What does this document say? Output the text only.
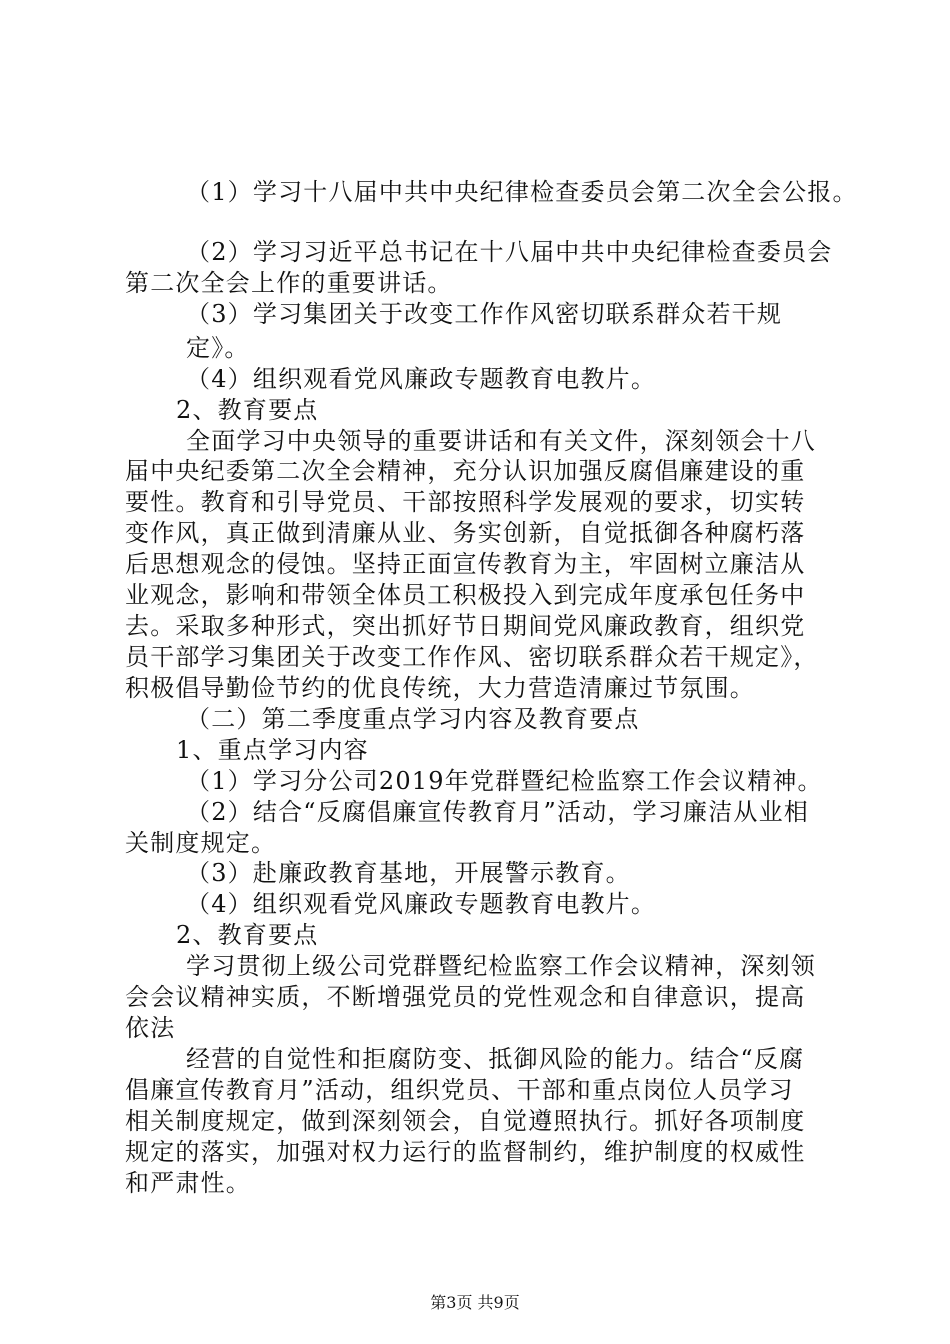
（1）学习十八届中共中央纪律检查委员会第二次全会公报。
（2）学习习近平总书记在十八届中共中央纪律检查委员会
第二次全会上作的重要讲话。
（3）学习集团关于改变工作作风密切联系群众若干规
定》。
（4）组织观看党风廉政专题教育电教片。
2、教育要点
全面学习中央领导的重要讲话和有关文件，深刻领会十八
届中央纪委第二次全会精神，充分认识加强反腐倡廉建设的重
要性。教育和引导党员、干部按照科学发展观的要求，切实转
变作风，真正做到清廉从业、务实创新，自觉抵御各种腐朽落
后思想观念的侵蚀。坚持正面宣传教育为主，牢固树立廉洁从
业观念，影响和带领全体员工积极投入到完成年度承包任务中
去。采取多种形式，突出抓好节日期间党风廉政教育，组织党
员干部学习集团关于改变工作作风、密切联系群众若干规定》，
积极倡导勤俭节约的优良传统，大力营造清廉过节氛围。
（二）第二季度重点学习内容及教育要点
1、重点学习内容
（1）学习分公司2019年党群暨纪检监察工作会议精神。
（2）结合“反腐倡廉宣传教育月”活动，学习廉洁从业相
关制度规定。
（3）赴廉政教育基地，开展警示教育。
（4）组织观看党风廉政专题教育电教片。
2、教育要点
学习贯彻上级公司党群暨纪检监察工作会议精神，深刻领
会会议精神实质，不断增强党员的党性观念和自律意识，提高
依法
经营的自觉性和拒腐防变、抵御风险的能力。结合“反腐
倡廉宣传教育月”活动，组织党员、干部和重点岗位人员学习
相关制度规定，做到深刻领会，自觉遵照执行。抓好各项制度
规定的落实，加强对权力运行的监督制约，维护制度的权威性
和严肃性。
第3页 共9页
